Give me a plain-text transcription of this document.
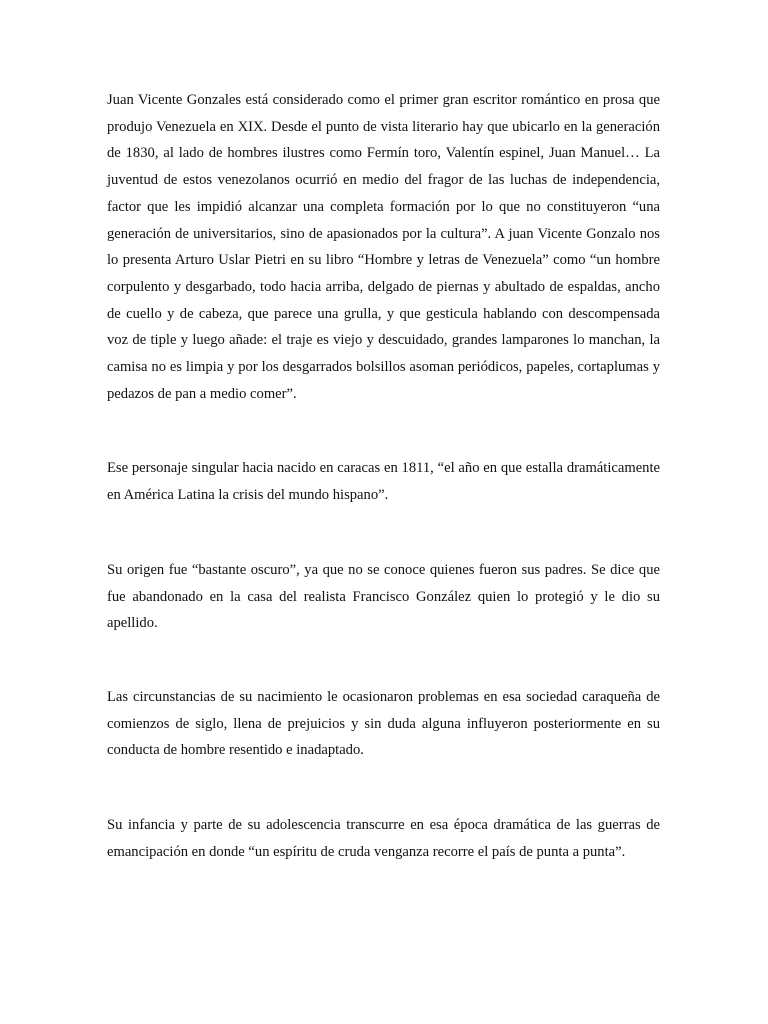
Juan Vicente Gonzales está considerado como el primer gran escritor romántico en prosa que produjo Venezuela en XIX. Desde el punto de vista literario hay que ubicarlo en la generación de 1830, al lado de hombres ilustres como Fermín toro, Valentín espinel, Juan Manuel… La juventud de estos venezolanos ocurrió en medio del fragor de las luchas de independencia, factor que les impidió alcanzar una completa formación por lo que no constituyeron “una generación de universitarios, sino de apasionados por la cultura”. A juan Vicente Gonzalo nos lo presenta Arturo Uslar Pietri en su libro “Hombre y letras de Venezuela” como “un hombre corpulento y desgarbado, todo hacia arriba, delgado de piernas y abultado de espaldas, ancho de cuello y de cabeza, que parece una grulla, y que gesticula hablando con descompensada voz de tiple y luego añade: el traje es viejo y descuidado, grandes lamparones lo manchan, la camisa no es limpia y por los desgarrados bolsillos asoman periódicos, papeles, cortaplumas y pedazos de pan a medio comer”.

Ese personaje singular hacia nacido en caracas en 1811, “el año en que estalla dramáticamente en América Latina la crisis del mundo hispano”.

Su origen fue “bastante oscuro”, ya que no se conoce quienes fueron sus padres. Se dice que fue abandonado en la casa del realista Francisco González quien lo protegió y le dio su apellido.

Las circunstancias de su nacimiento le ocasionaron problemas en esa sociedad caraqueña de comienzos de siglo, llena de prejuicios y sin duda alguna influyeron posteriormente en su conducta de hombre resentido e inadaptado.

Su infancia y parte de su adolescencia transcurre en esa época dramática de las guerras de emancipación en donde “un espíritu de cruda venganza recorre el país de punta a punta”.
